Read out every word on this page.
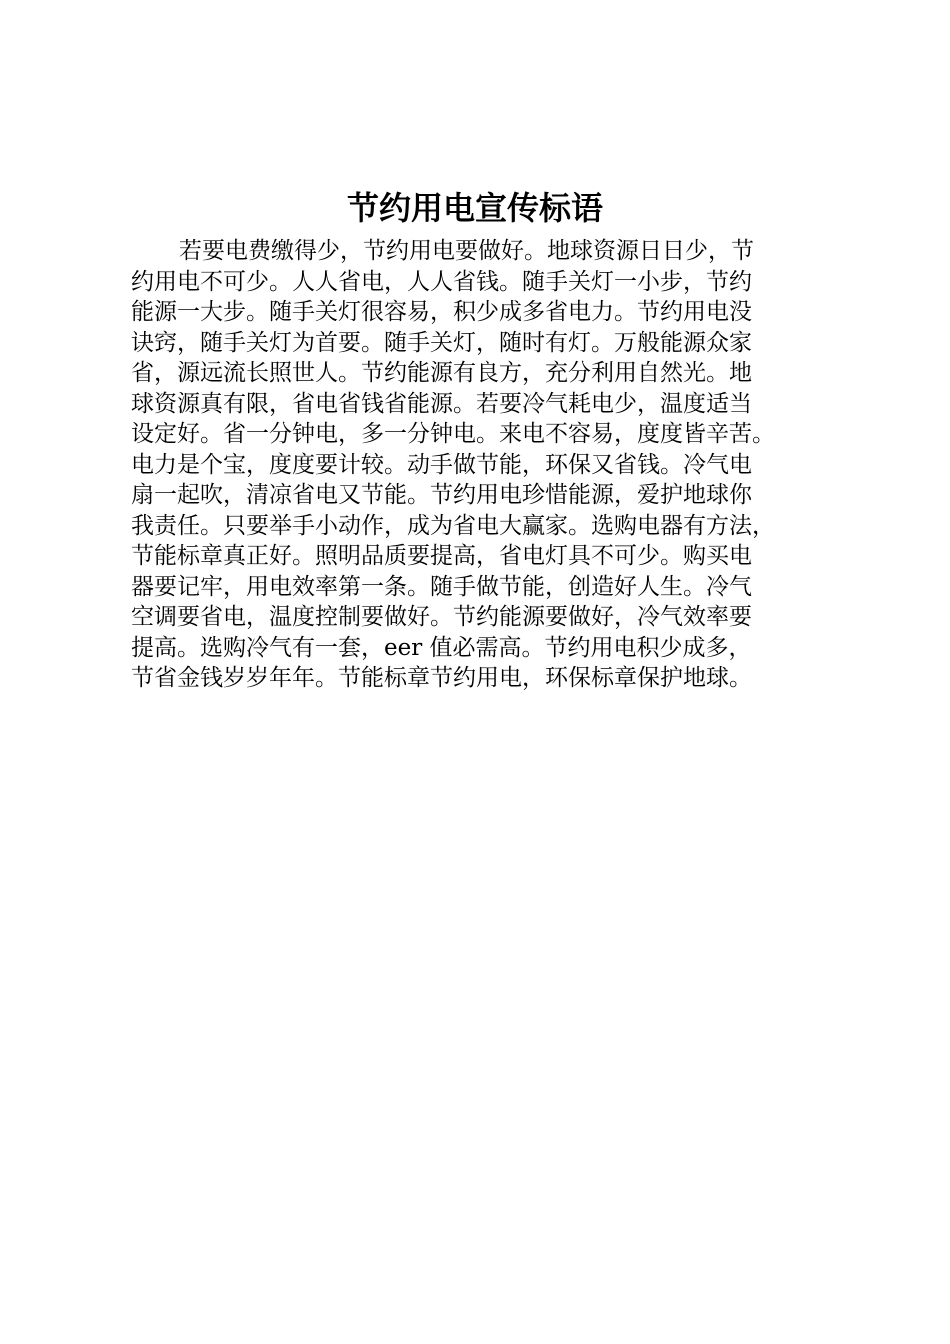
节约用电宣传标语
若要电费缴得少，节约用电要做好。地球资源日日少，节
约用电不可少。人人省电，人人省钱。随手关灯一小步，节约
能源一大步。随手关灯很容易，积少成多省电力。节约用电没
诀窍，随手关灯为首要。随手关灯，随时有灯。万般能源众家
省，源远流长照世人。节约能源有良方，充分利用自然光。地
球资源真有限，省电省钱省能源。若要冷气耗电少，温度适当
设定好。省一分钟电，多一分钟电。来电不容易，度度皆辛苦。
电力是个宝，度度要计较。动手做节能，环保又省钱。冷气电
扇一起吹，清凉省电又节能。节约用电珍惜能源，爱护地球你
我责任。只要举手小动作，成为省电大赢家。选购电器有方法，
节能标章真正好。照明品质要提高，省电灯具不可少。购买电
器要记牢，用电效率第一条。随手做节能，创造好人生。冷气
空调要省电，温度控制要做好。节约能源要做好，冷气效率要
提高。选购冷气有一套，eer 值必需高。节约用电积少成多，
节省金钱岁岁年年。节能标章节约用电，环保标章保护地球。
